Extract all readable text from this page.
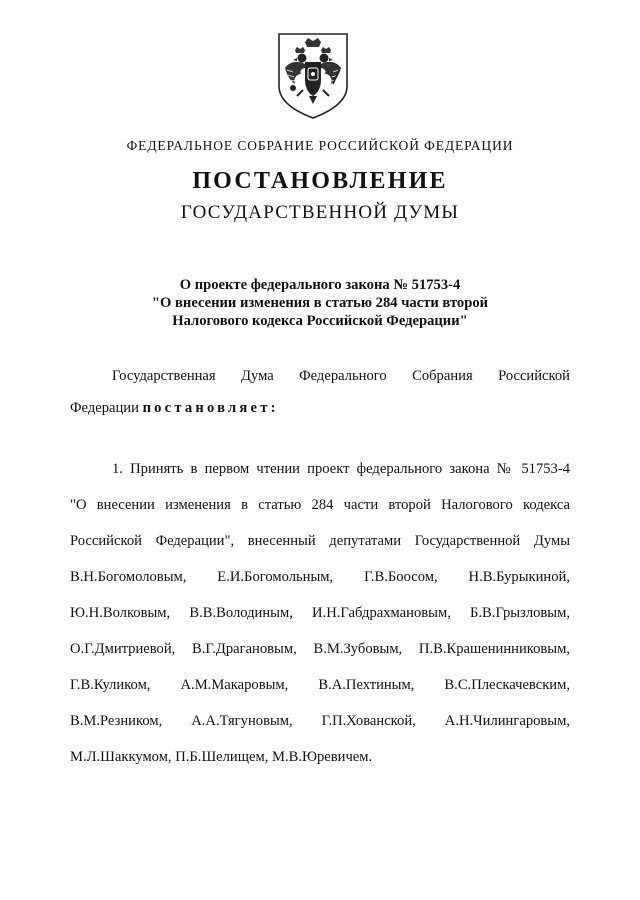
ФЕДЕРАЛЬНОЕ СОБРАНИЕ РОССИЙСКОЙ ФЕДЕРАЦИИ
ПОСТАНОВЛЕНИЕ
ГОСУДАРСТВЕННОЙ ДУМЫ
О проекте федерального закона № 51753-4
"О внесении изменения в статью 284 части второй
Налогового кодекса Российской Федерации"
Государственная Дума Федерального Собрания Российской
Федерации постановляет:
1. Принять в первом чтении проект федерального закона № 51753-4
"О внесении изменения в статью 284 части второй Налогового кодекса
Российской Федерации", внесенный депутатами Государственной Думы
В.Н.Богомоловым, Е.И.Богомольным, Г.В.Боосом, Н.В.Бурыкиной,
Ю.Н.Волковым, В.В.Володиным, И.Н.Габдрахмановым, Б.В.Грызловым,
О.Г.Дмитриевой, В.Г.Драгановым, В.М.Зубовым, П.В.Крашенинниковым,
Г.В.Куликом, А.М.Макаровым, В.А.Пехтиным, В.С.Плескачевским,
В.М.Резником, А.А.Тягуновым, Г.П.Хованской, А.Н.Чилингаровым,
М.Л.Шаккумом, П.Б.Шелищем, М.В.Юревичем.
